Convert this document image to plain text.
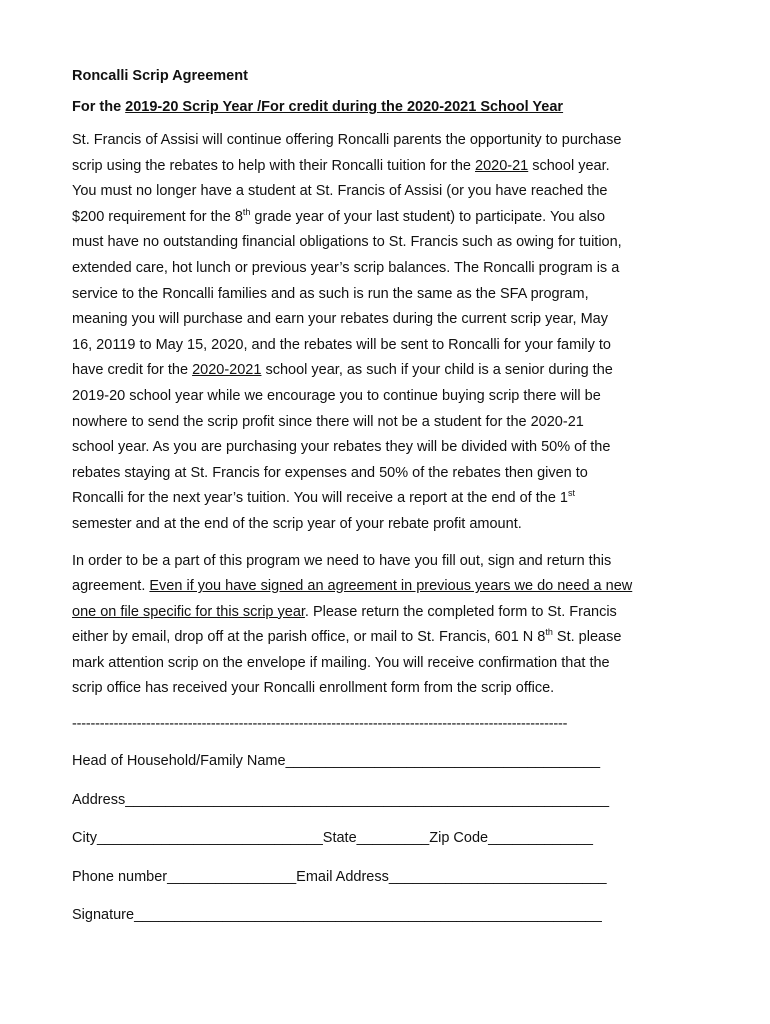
Roncalli Scrip Agreement
For the 2019-20 Scrip Year /For credit during the 2020-2021 School Year
St. Francis of Assisi will continue offering Roncalli parents the opportunity to purchase
scrip using the rebates to help with their Roncalli tuition for the 2020-21 school year.
You must no longer have a student at St. Francis of Assisi (or you have reached the
$200 requirement for the 8th grade year of your last student) to participate. You also
must have no outstanding financial obligations to St. Francis such as owing for tuition,
extended care, hot lunch or previous year’s scrip balances. The Roncalli program is a
service to the Roncalli families and as such is run the same as the SFA program,
meaning you will purchase and earn your rebates during the current scrip year, May
16, 20119 to May 15, 2020, and the rebates will be sent to Roncalli for your family to
have credit for the 2020-2021 school year, as such if your child is a senior during the
2019-20 school year while we encourage you to continue buying scrip there will be
nowhere to send the scrip profit since there will not be a student for the 2020-21
school year. As you are purchasing your rebates they will be divided with 50% of the
rebates staying at St. Francis for expenses and 50% of the rebates then given to
Roncalli for the next year’s tuition. You will receive a report at the end of the 1st
semester and at the end of the scrip year of your rebate profit amount.
In order to be a part of this program we need to have you fill out, sign and return this
agreement. Even if you have signed an agreement in previous years we do need a new
one on file specific for this scrip year. Please return the completed form to St. Francis
either by email, drop off at the parish office, or mail to St. Francis, 601 N 8th St. please
mark attention scrip on the envelope if mailing. You will receive confirmation that the
scrip office has received your Roncalli enrollment form from the scrip office.
-----------------------------------------------------------------------------------------------------------
Head of Household/Family Name_______________________________________
Address____________________________________________________________
City____________________________State_________Zip Code_____________
Phone number________________Email Address___________________________
Signature__________________________________________________________
